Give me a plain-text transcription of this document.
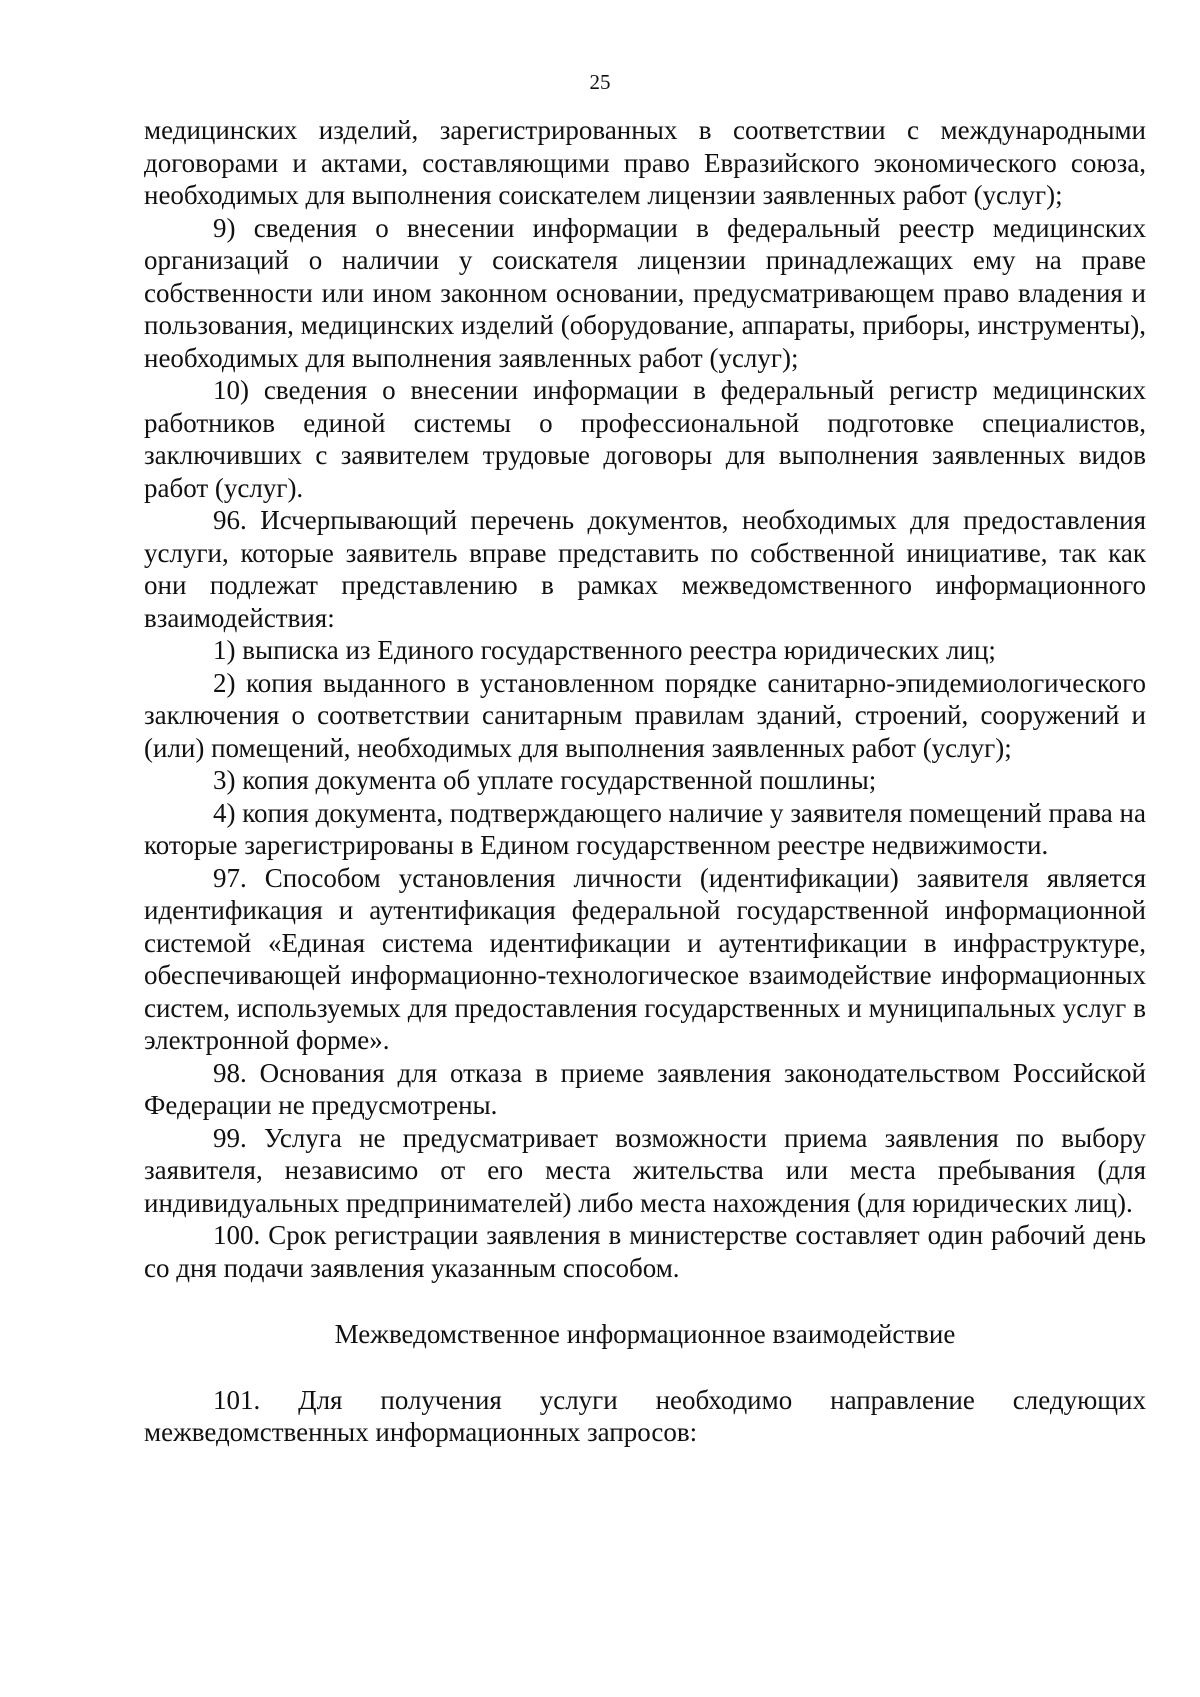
25

медицинских изделий, зарегистрированных в соответствии с международными договорами и актами, составляющими право Евразийского экономического союза, необходимых для выполнения соискателем лицензии заявленных работ (услуг);

9) сведения о внесении информации в федеральный реестр медицинских организаций о наличии у соискателя лицензии принадлежащих ему на праве собственности или ином законном основании, предусматривающем право владения и пользования, медицинских изделий (оборудование, аппараты, приборы, инструменты), необходимых для выполнения заявленных работ (услуг);

10) сведения о внесении информации в федеральный регистр медицинских работников единой системы о профессиональной подготовке специалистов, заключивших с заявителем трудовые договоры для выполнения заявленных видов работ (услуг).

96. Исчерпывающий перечень документов, необходимых для предоставления услуги, которые заявитель вправе представить по собственной инициативе, так как они подлежат представлению в рамках межведомственного информационного взаимодействия:

1) выписка из Единого государственного реестра юридических лиц;

2) копия выданного в установленном порядке санитарно-эпидемиологического заключения о соответствии санитарным правилам зданий, строений, сооружений и (или) помещений, необходимых для выполнения заявленных работ (услуг);

3) копия документа об уплате государственной пошлины;

4) копия документа, подтверждающего наличие у заявителя помещений права на которые зарегистрированы в Едином государственном реестре недвижимости.

97. Способом установления личности (идентификации) заявителя является идентификация и аутентификация федеральной государственной информационной системой «Единая система идентификации и аутентификации в инфраструктуре, обеспечивающей информационно-технологическое взаимодействие информационных систем, используемых для предоставления государственных и муниципальных услуг в электронной форме».

98. Основания для отказа в приеме заявления законодательством Российской Федерации не предусмотрены.

99. Услуга не предусматривает возможности приема заявления по выбору заявителя, независимо от его места жительства или места пребывания (для индивидуальных предпринимателей) либо места нахождения (для юридических лиц).

100. Срок регистрации заявления в министерстве составляет один рабочий день со дня подачи заявления указанным способом.

Межведомственное информационное взаимодействие

101. Для получения услуги необходимо направление следующих межведомственных информационных запросов:
